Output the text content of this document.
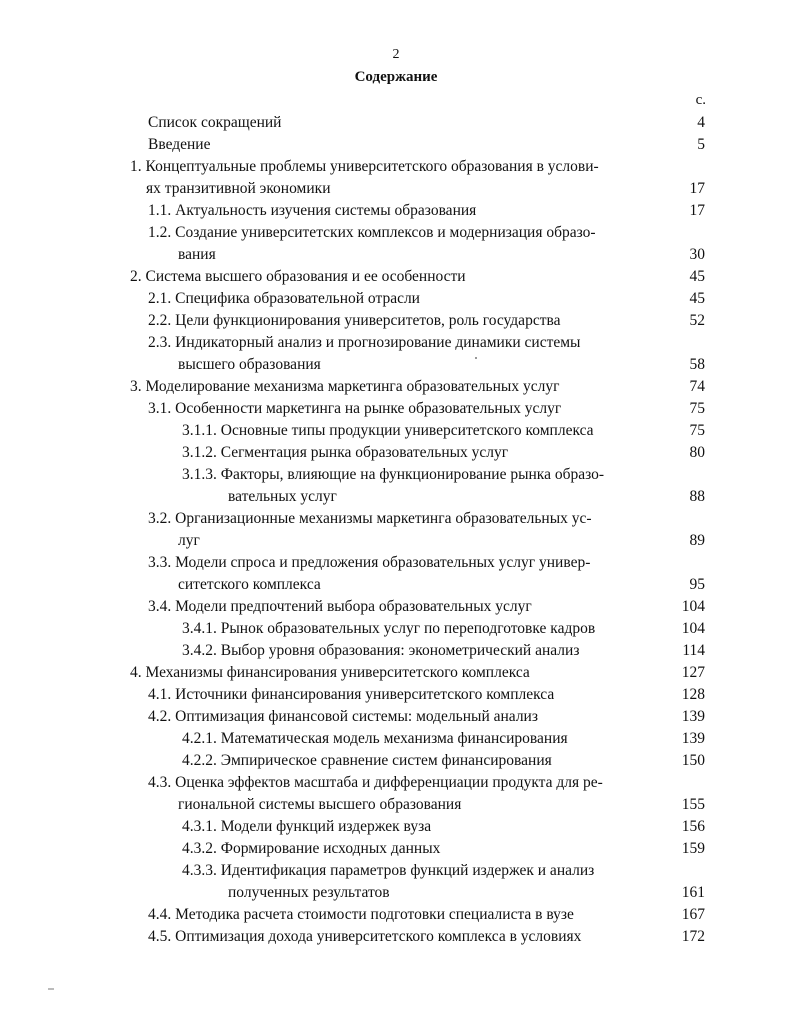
2
Содержание
с.
Список сокращений	4
Введение	5
1. Концептуальные проблемы университетского образования в услови-
ях транзитивной экономики	17
1.1. Актуальность изучения системы образования	17
1.2. Создание университетских комплексов и модернизация образо-
вания	30
2. Система высшего образования и ее особенности	45
2.1. Специфика образовательной отрасли	45
2.2. Цели функционирования университетов, роль государства	52
2.3. Индикаторный анализ и прогнозирование динамики системы
высшего образования	58
3. Моделирование механизма маркетинга образовательных услуг	74
3.1. Особенности маркетинга на рынке образовательных услуг	75
3.1.1. Основные типы продукции университетского комплекса	75
3.1.2. Сегментация рынка образовательных услуг	80
3.1.3. Факторы, влияющие на функционирование рынка образо-
вательных услуг	88
3.2. Организационные механизмы маркетинга образовательных ус-
луг	89
3.3. Модели спроса и предложения образовательных услуг универ-
ситетского комплекса	95
3.4. Модели предпочтений выбора образовательных услуг	104
3.4.1. Рынок образовательных услуг по переподготовке кадров	104
3.4.2. Выбор уровня образования: эконометрический анализ	114
4. Механизмы финансирования университетского комплекса	127
4.1. Источники финансирования университетского комплекса	128
4.2. Оптимизация финансовой системы: модельный анализ	139
4.2.1. Математическая модель механизма финансирования	139
4.2.2. Эмпирическое сравнение систем финансирования	150
4.3. Оценка эффектов масштаба и дифференциации продукта для ре-
гиональной системы высшего образования	155
4.3.1. Модели функций издержек вуза	156
4.3.2. Формирование исходных данных	159
4.3.3. Идентификация параметров функций издержек и анализ
полученных результатов	161
4.4. Методика расчета стоимости подготовки специалиста в вузе	167
4.5. Оптимизация дохода университетского комплекса в условиях	172
